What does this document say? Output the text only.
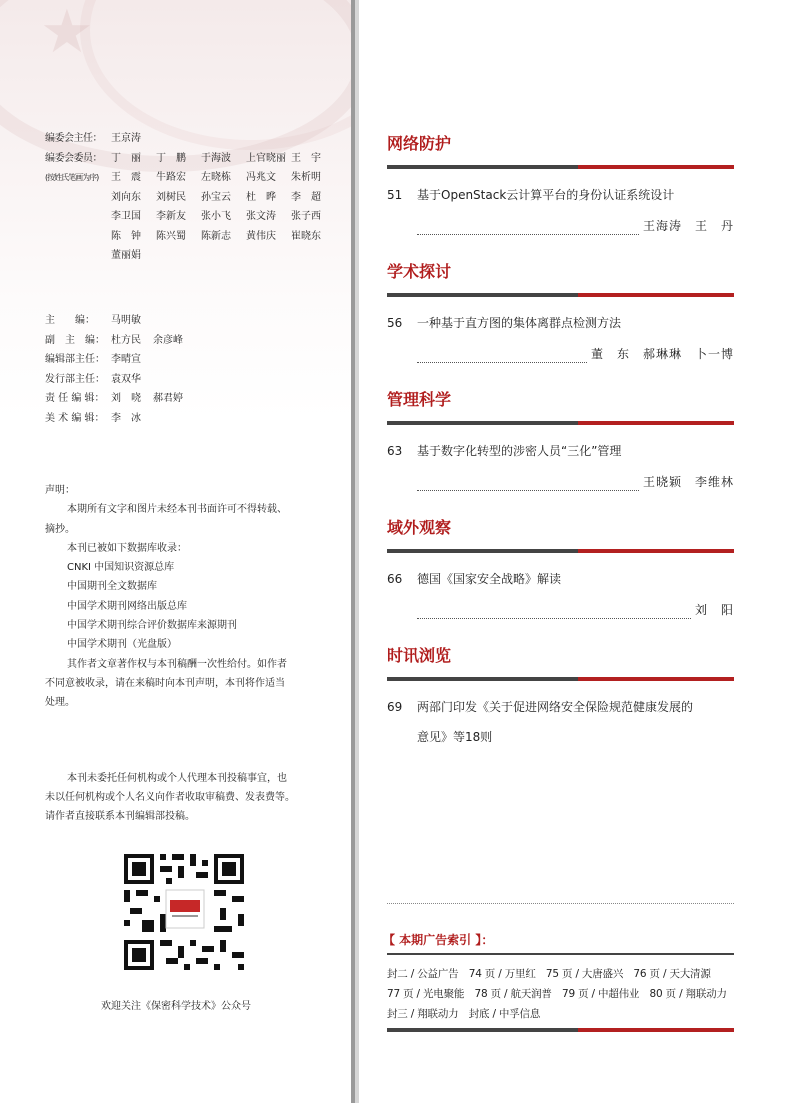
★
编委会主任： 王京涛
编委会委员： 丁　丽	丁　鹏	于海波	上官晓丽 王　宇
(按姓氏笔画为序)	王　震	牛路宏	左晓栋	冯兆文	朱析明
刘向东	刘树民	孙宝云	杜　晔	李　超
李卫国	李新友	张小飞	张文涛	张子西
陈　钟	陈兴蜀	陈新志	黄伟庆	崔晓东
董丽娟
主　　编：	马明敏
副　主　编： 杜方民 余彦峰
编辑部主任： 李晴宣
发行部主任： 袁双华
责 任 编 辑： 刘　哓 郝君婷
美 术 编 辑： 李　冰

声明：

本期所有文字和图片未经本刊书面许可不得转载、

摘抄。

本刊已被如下数据库收录：

CNKI 中国知识资源总库

中国期刊全文数据库

中国学术期刊网络出版总库

中国学术期刊综合评价数据库来源期刊

中国学术期刊（光盘版）

其作者文章著作权与本刊稿酬一次性给付。如作者

不同意被收录，请在来稿时向本刊声明，本刊将作适当

处理。

本刊未委托任何机构或个人代理本刊投稿事宜，也

未以任何机构或个人名义向作者收取审稿费、发表费等。

请作者直接联系本刊编辑部投稿。

欢迎关注《保密科学技术》公众号
网络防护
51	基于OpenStack云计算平台的身份认证系统设计
王海涛　王　丹
学术探讨
56	一种基于直方图的集体离群点检测方法
董　东　郝琳琳　卜一博
管理科学
63	基于数字化转型的涉密人员“三化”管理
王晓颖　李维林
域外观察
66	德国《国家安全战略》解读
刘　阳
时讯浏览
69	两部门印发《关于促进网络安全保险规范健康发展的
意见》等18则
【 本期广告索引 】：
封二 / 公益广告　74 页 / 万里红　75 页 / 大唐盛兴　76 页 / 天大清源
77 页 / 光电聚能　78 页 / 航天润普　79 页 / 中超伟业　80 页 / 翔联动力
封三 / 翔联动力　封底 / 中孚信息
